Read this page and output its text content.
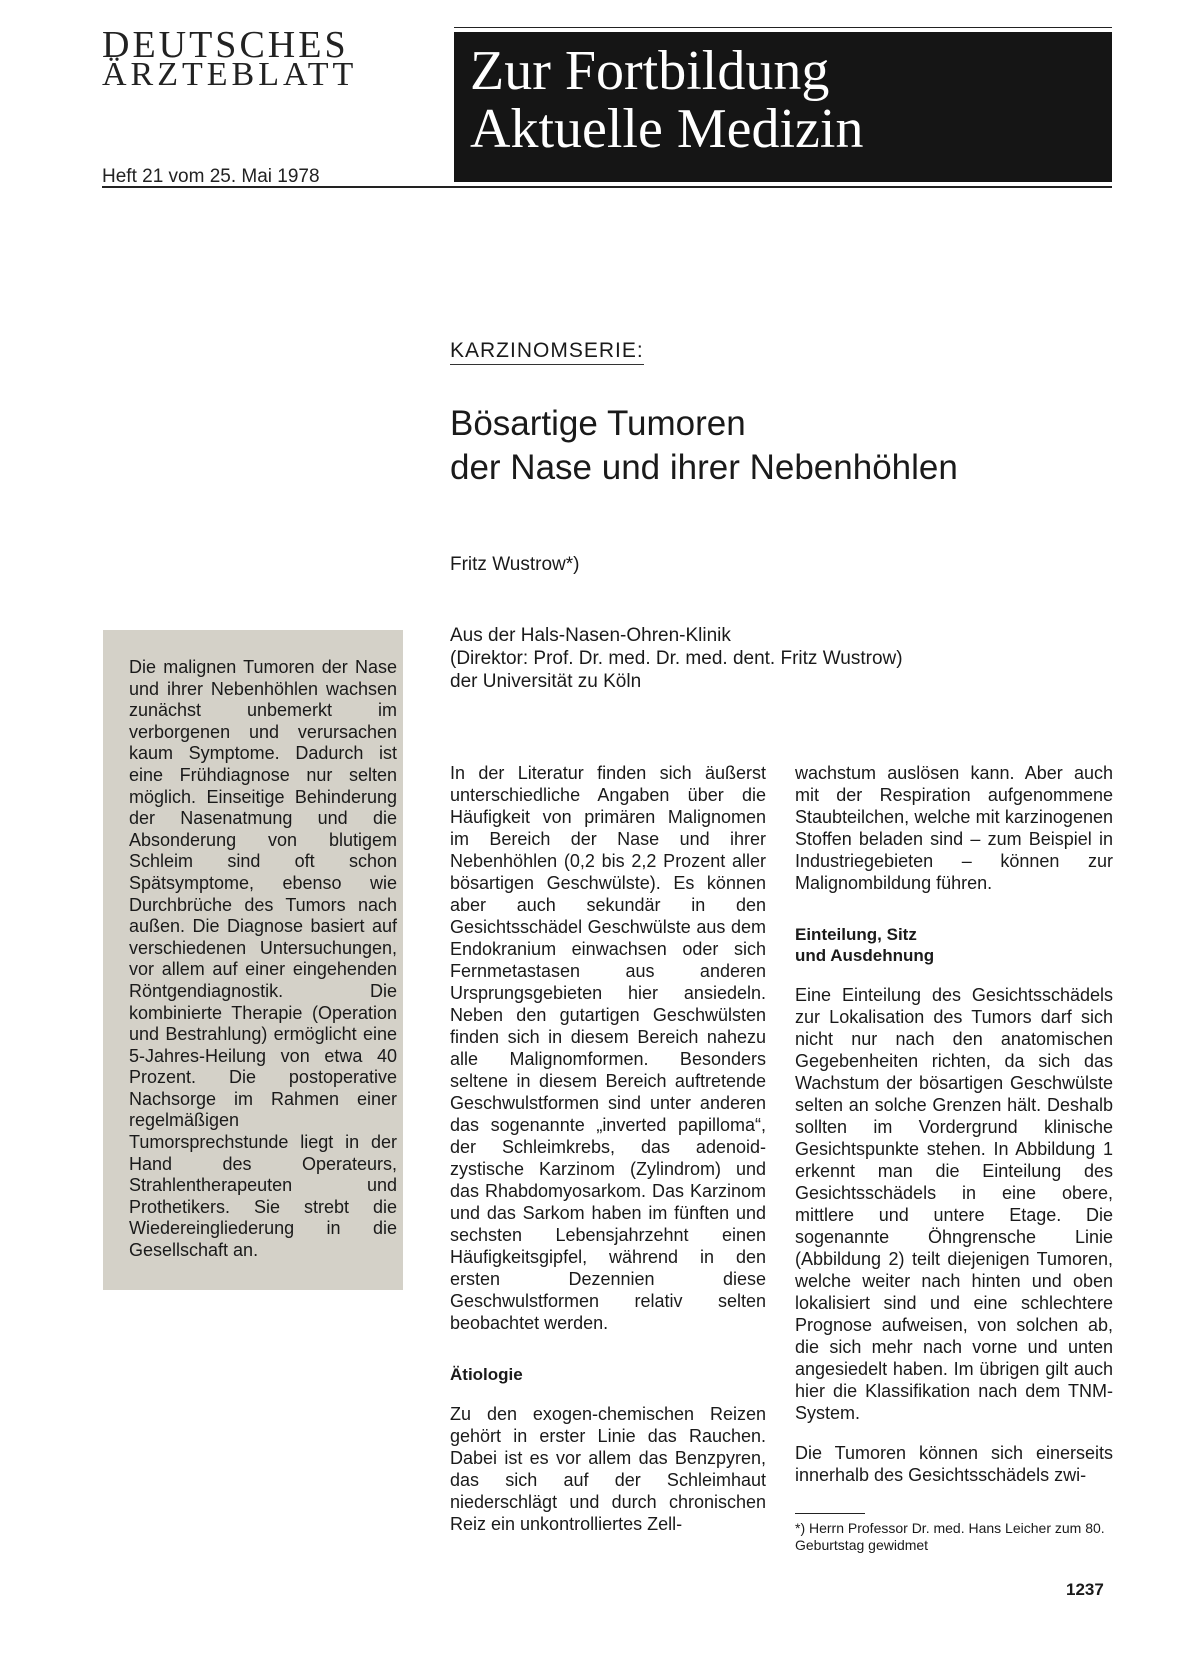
DEUTSCHES
ÄRZTEBLATT
Heft 21 vom 25. Mai 1978
Zur Fortbildung
Aktuelle Medizin
KARZINOMSERIE:
Bösartige Tumoren
der Nase und ihrer Nebenhöhlen
Fritz Wustrow*)
Aus der Hals-Nasen-Ohren-Klinik
(Direktor: Prof. Dr. med. Dr. med. dent. Fritz Wustrow)
der Universität zu Köln

Die malignen Tumoren der Nase und ihrer Nebenhöhlen wachsen zunächst unbemerkt im verborgenen und verursachen kaum Symptome. Dadurch ist eine Frühdiagnose nur selten möglich. Einseitige Behinderung der Nasenatmung und die Absonderung von blutigem Schleim sind oft schon Spätsymptome, ebenso wie Durchbrüche des Tumors nach außen. Die Diagnose basiert auf verschiedenen Untersuchungen, vor allem auf einer eingehenden Röntgendiagnostik. Die kombinierte Therapie (Operation und Bestrahlung) ermöglicht eine 5-Jahres-Heilung von etwa 40 Prozent. Die postoperative Nachsorge im Rahmen einer regelmäßigen Tumorsprechstunde liegt in der Hand des Operateurs, Strahlentherapeuten und Prothetikers. Sie strebt die Wiedereingliederung in die Gesellschaft an.

In der Literatur finden sich äußerst unterschiedliche Angaben über die Häufigkeit von primären Malignomen im Bereich der Nase und ihrer Nebenhöhlen (0,2 bis 2,2 Prozent aller bösartigen Geschwülste). Es können aber auch sekundär in den Gesichtsschädel Geschwülste aus dem Endokranium einwachsen oder sich Fernmetastasen aus anderen Ursprungsgebieten hier ansiedeln. Neben den gutartigen Geschwülsten finden sich in diesem Bereich nahezu alle Malignomformen. Besonders seltene in diesem Bereich auftretende Geschwulstformen sind unter anderen das sogenannte „inverted papilloma“, der Schleimkrebs, das adenoid-zystische Karzinom (Zylindrom) und das Rhabdomyosarkom. Das Karzinom und das Sarkom haben im fünften und sechsten Lebensjahrzehnt einen Häufigkeitsgipfel, während in den ersten Dezennien diese Geschwulstformen relativ selten beobachtet werden.

Ätiologie

Zu den exogen-chemischen Reizen gehört in erster Linie das Rauchen. Dabei ist es vor allem das Benzpyren, das sich auf der Schleimhaut niederschlägt und durch chronischen Reiz ein unkontrolliertes Zell-

wachstum auslösen kann. Aber auch mit der Respiration aufgenommene Staubteilchen, welche mit karzinogenen Stoffen beladen sind – zum Beispiel in Industriegebieten – können zur Malignombildung führen.

Einteilung, Sitz
und Ausdehnung

Eine Einteilung des Gesichtsschädels zur Lokalisation des Tumors darf sich nicht nur nach den anatomischen Gegebenheiten richten, da sich das Wachstum der bösartigen Geschwülste selten an solche Grenzen hält. Deshalb sollten im Vordergrund klinische Gesichtspunkte stehen. In Abbildung 1 erkennt man die Einteilung des Gesichtsschädels in eine obere, mittlere und untere Etage. Die sogenannte Öhngrensche Linie (Abbildung 2) teilt diejenigen Tumoren, welche weiter nach hinten und oben lokalisiert sind und eine schlechtere Prognose aufweisen, von solchen ab, die sich mehr nach vorne und unten angesiedelt haben. Im übrigen gilt auch hier die Klassifikation nach dem TNM-System.

Die Tumoren können sich einerseits innerhalb des Gesichtsschädels zwi-

*) Herrn Professor Dr. med. Hans Leicher zum 80. Geburtstag gewidmet
1237
